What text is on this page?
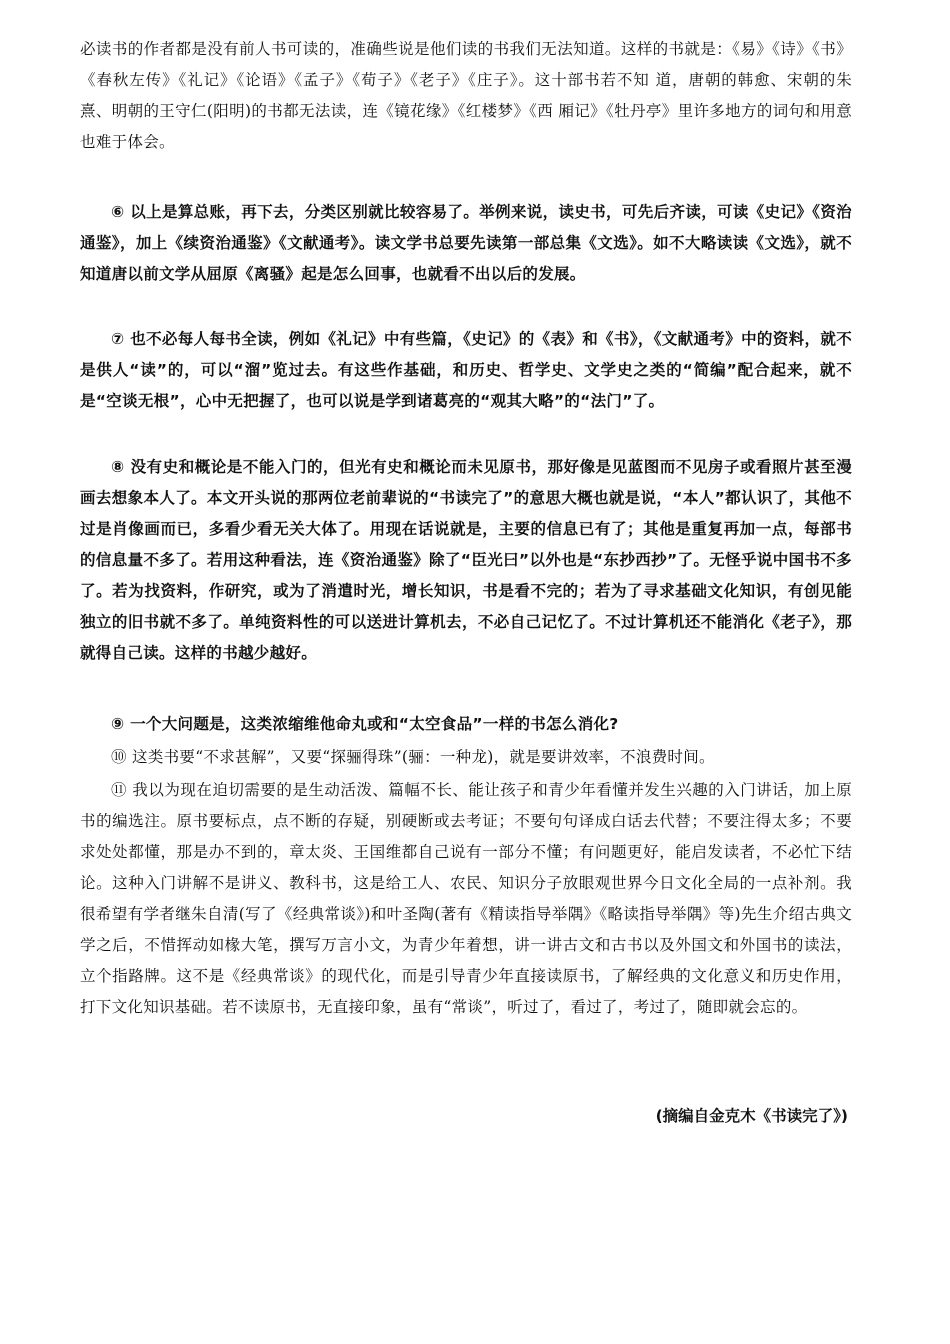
必读书的作者都是没有前人书可读的，准确些说是他们读的书我们无法知道。这样的书就是：《易》《诗》《书》《春秋左传》《礼记》《论语》《孟子》《荀子》《老子》《庄子》。这十部书若不知 道，唐朝的韩愈、宋朝的朱熹、明朝的王守仁(阳明)的书都无法读，连《镜花缘》《红楼梦》《西 厢记》《牡丹亭》里许多地方的词句和用意也难于体会。

⑥ 以上是算总账，再下去，分类区别就比较容易了。举例来说，读史书，可先后齐读，可读《史记》《资治通鉴》，加上《续资治通鉴》《文献通考》。读文学书总要先读第一部总集《文选》。如不大略读读《文选》，就不知道唐以前文学从屈原《离骚》起是怎么回事，也就看不出以后的发展。

⑦ 也不必每人每书全读，例如《礼记》中有些篇，《史记》的《表》和《书》，《文献通考》中的资料，就不是供人“读”的，可以“溜”览过去。有这些作基础，和历史、哲学史、文学史之类的“简编”配合起来，就不是“空谈无根”，心中无把握了，也可以说是学到诸葛亮的“观其大略”的“法门”了。

⑧ 没有史和概论是不能入门的，但光有史和概论而未见原书，那好像是见蓝图而不见房子或看照片甚至漫画去想象本人了。本文开头说的那两位老前辈说的“书读完了”的意思大概也就是说，“本人”都认识了，其他不过是肖像画而已，多看少看无关大体了。用现在话说就是，主要的信息已有了；其他是重复再加一点，每部书的信息量不多了。若用这种看法，连《资治通鉴》除了“臣光曰”以外也是“东抄西抄”了。无怪乎说中国书不多了。若为找资料，作研究，或为了消遣时光，增长知识，书是看不完的；若为了寻求基础文化知识，有创见能独立的旧书就不多了。单纯资料性的可以送进计算机去，不必自己记忆了。不过计算机还不能消化《老子》，那就得自己读。这样的书越少越好。

⑨ 一个大问题是，这类浓缩维他命丸或和“太空食品”一样的书怎么消化?

⑩ 这类书要“不求甚解”，又要“探骊得珠”(骊：一种龙)，就是要讲效率，不浪费时间。

⑪ 我以为现在迫切需要的是生动活泼、篇幅不长、能让孩子和青少年看懂并发生兴趣的入门讲话，加上原书的编选注。原书要标点，点不断的存疑，别硬断或去考证；不要句句译成白话去代替；不要注得太多；不要求处处都懂，那是办不到的，章太炎、王国维都自己说有一部分不懂；有问题更好，能启发读者，不必忙下结论。这种入门讲解不是讲义、教科书，这是给工人、农民、知识分子放眼观世界今日文化全局的一点补剂。我很希望有学者继朱自清(写了《经典常谈》)和叶圣陶(著有《精读指导举隅》《略读指导举隅》等)先生介绍古典文学之后，不惜挥动如椽大笔，撰写万言小文，为青少年着想，讲一讲古文和古书以及外国文和外国书的读法，立个指路牌。这不是《经典常谈》的现代化，而是引导青少年直接读原书，了解经典的文化意义和历史作用，打下文化知识基础。若不读原书，无直接印象，虽有“常谈”，听过了，看过了，考过了，随即就会忘的。

(摘编自金克木《书读完了》)
